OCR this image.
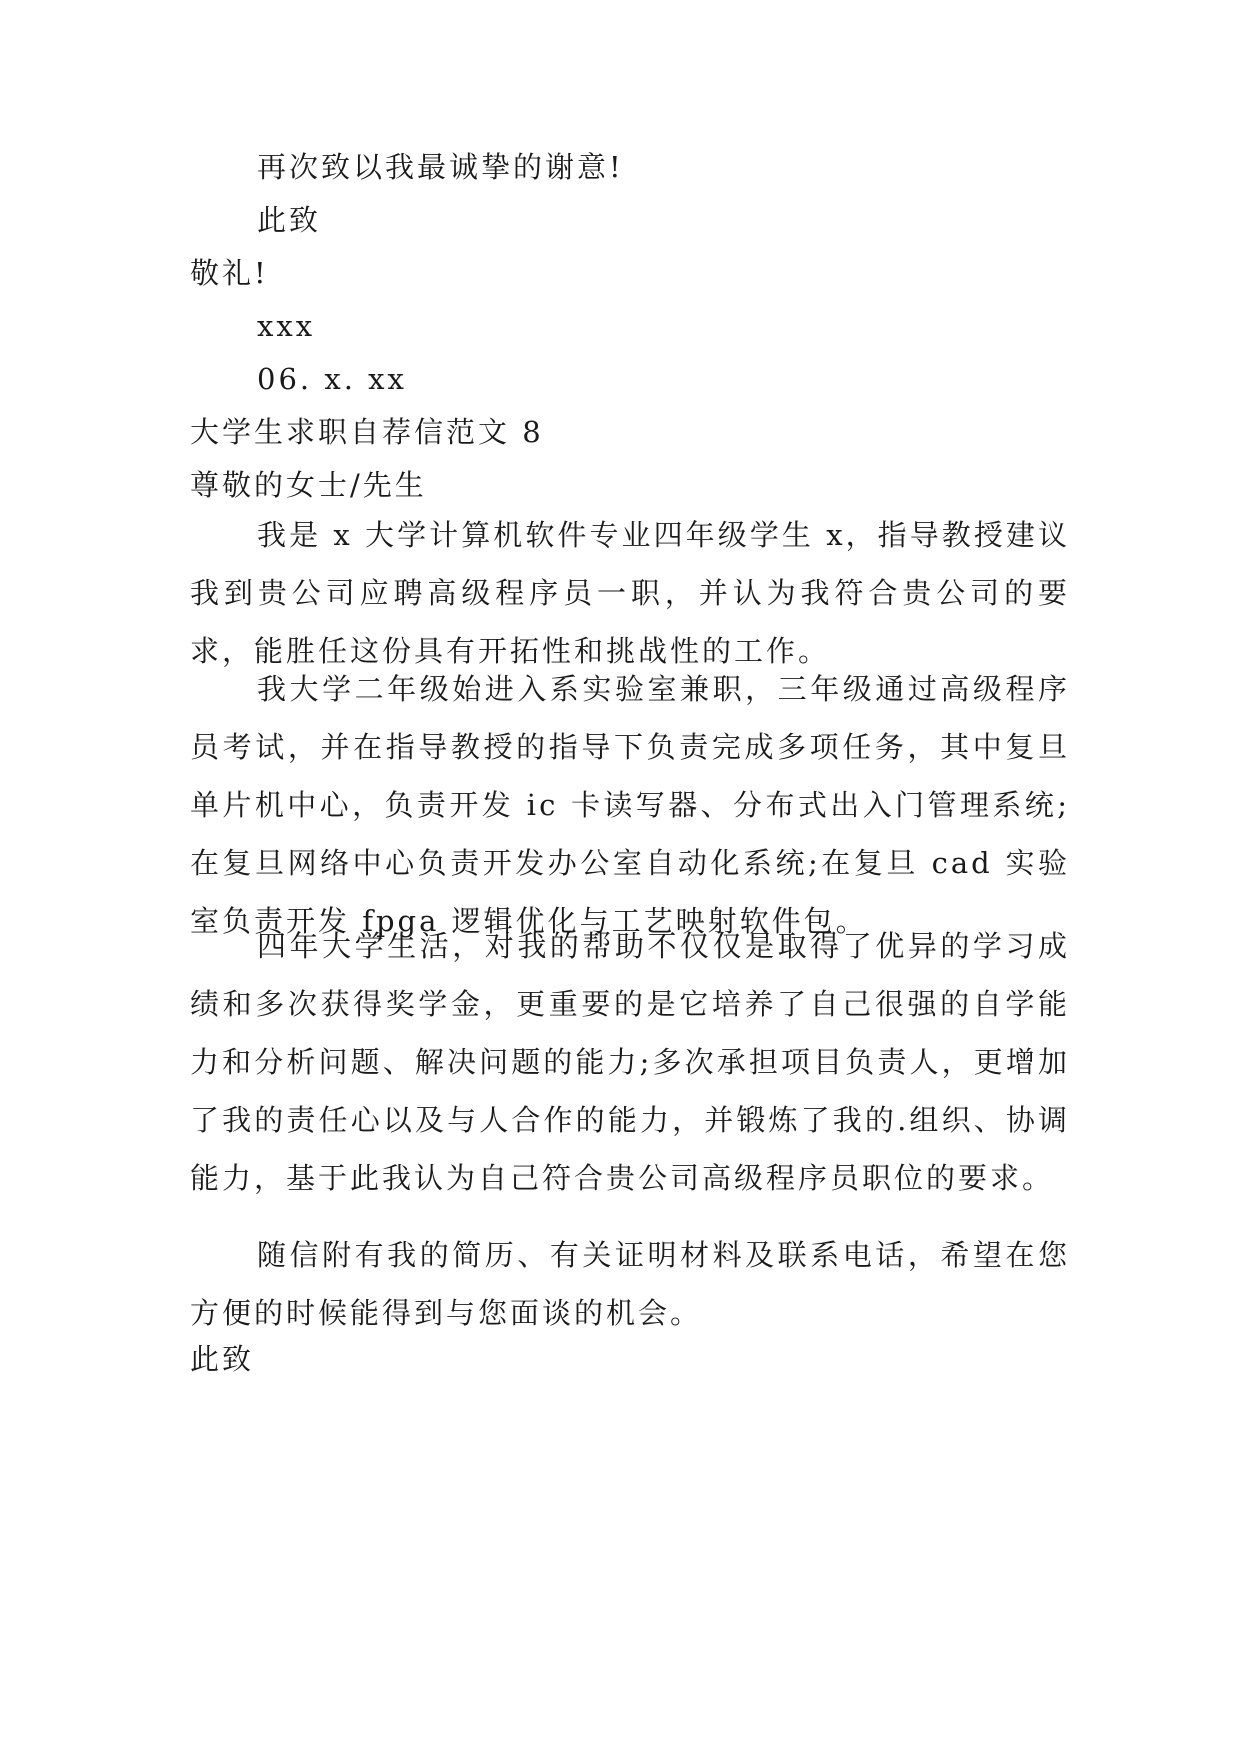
再次致以我最诚挚的谢意!
此致
敬礼!
xxx
06. x. xx
大学生求职自荐信范文 8
尊敬的女士/先生
我是 x 大学计算机软件专业四年级学生 x，指导教授建议我到贵公司应聘高级程序员一职，并认为我符合贵公司的要求，能胜任这份具有开拓性和挑战性的工作。
我大学二年级始进入系实验室兼职，三年级通过高级程序员考试，并在指导教授的指导下负责完成多项任务，其中复旦单片机中心，负责开发 ic 卡读写器、分布式出入门管理系统;在复旦网络中心负责开发办公室自动化系统;在复旦 cad 实验室负责开发 fpga 逻辑优化与工艺映射软件包。
四年大学生活，对我的帮助不仅仅是取得了优异的学习成绩和多次获得奖学金，更重要的是它培养了自己很强的自学能力和分析问题、解决问题的能力;多次承担项目负责人，更增加了我的责任心以及与人合作的能力，并锻炼了我的.组织、协调能力，基于此我认为自己符合贵公司高级程序员职位的要求。
随信附有我的简历、有关证明材料及联系电话，希望在您方便的时候能得到与您面谈的机会。
此致
